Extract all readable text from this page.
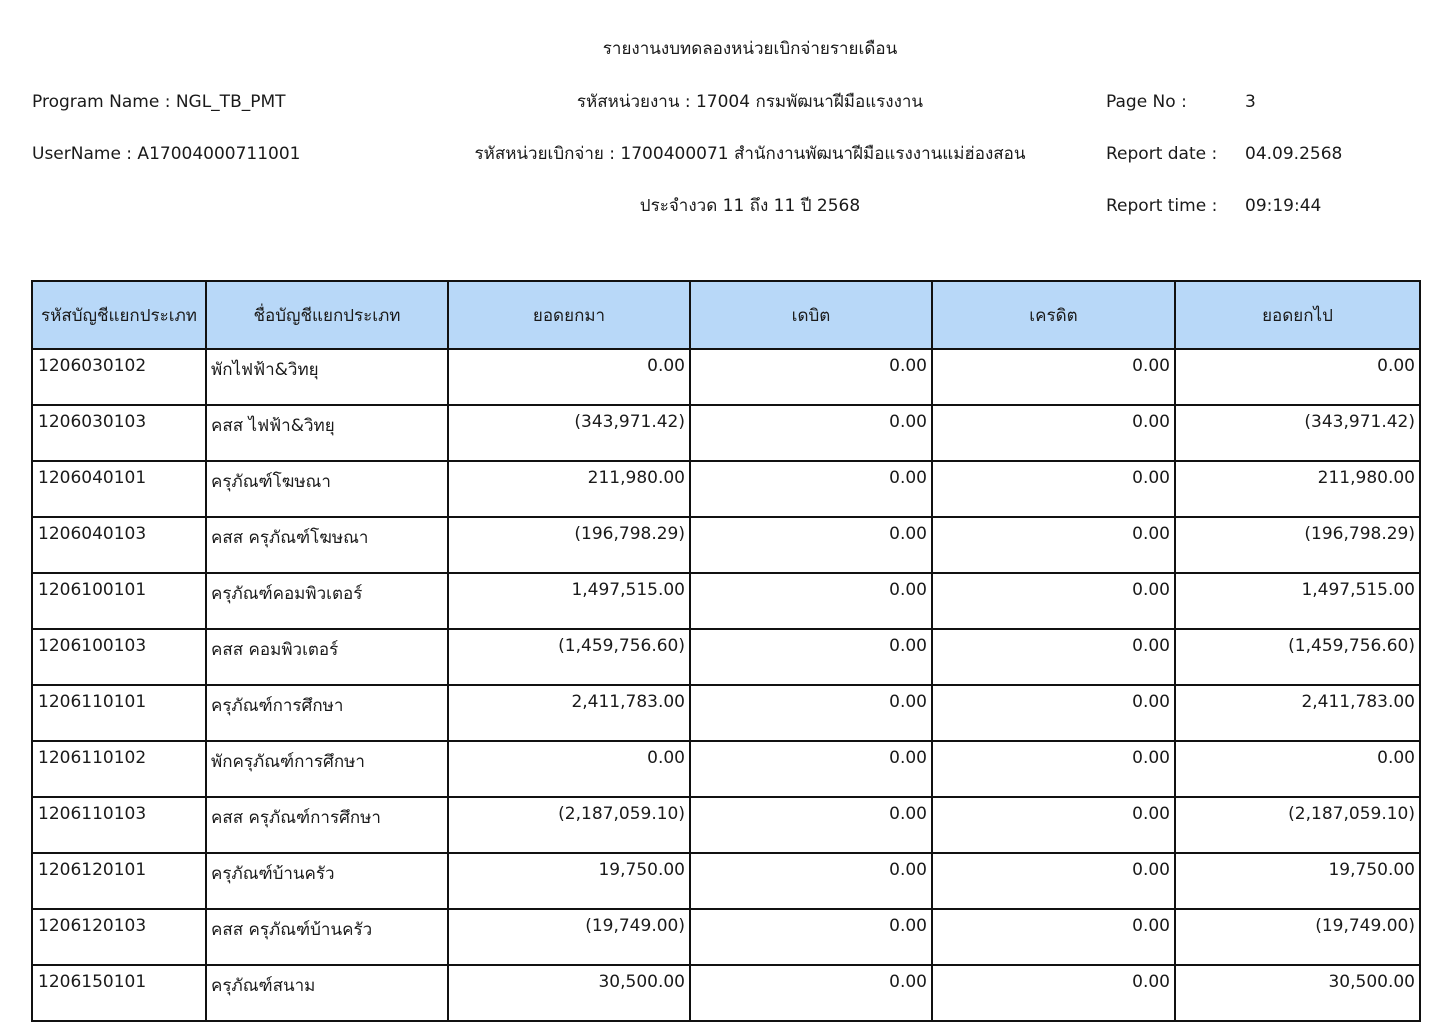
รายงานงบทดลองหน่วยเบิกจ่ายรายเดือน
Program Name : NGL_TB_PMT	รหัสหน่วยงาน : 17004 กรมพัฒนาฝีมือแรงงาน	Page No :	3
UserName : A17004000711001	รหัสหน่วยเบิกจ่าย : 1700400071 สำนักงานพัฒนาฝีมือแรงงานแม่ฮ่องสอน	Report date : 04.09.2568
ประจำงวด 11 ถึง 11 ปี 2568	Report time : 09:19:44
รหัสบัญชีแยกประเภท	ชื่อบัญชีแยกประเภท	ยอดยกมา	เดบิต	เครดิต	ยอดยกไป
1206030102	พักไฟฟ้า&วิทยุ	0.00	0.00	0.00	0.00
1206030103	คสส ไฟฟ้า&วิทยุ	(343,971.42)	0.00	0.00	(343,971.42)
1206040101	ครุภัณฑ์โฆษณา	211,980.00	0.00	0.00	211,980.00
1206040103	คสส ครุภัณฑ์โฆษณา	(196,798.29)	0.00	0.00	(196,798.29)
1206100101	ครุภัณฑ์คอมพิวเตอร์	1,497,515.00	0.00	0.00	1,497,515.00
1206100103	คสส คอมพิวเตอร์	(1,459,756.60)	0.00	0.00	(1,459,756.60)
1206110101	ครุภัณฑ์การศึกษา	2,411,783.00	0.00	0.00	2,411,783.00
1206110102	พักครุภัณฑ์การศึกษา	0.00	0.00	0.00	0.00
1206110103	คสส ครุภัณฑ์การศึกษา	(2,187,059.10)	0.00	0.00	(2,187,059.10)
1206120101	ครุภัณฑ์บ้านครัว	19,750.00	0.00	0.00	19,750.00
1206120103	คสส ครุภัณฑ์บ้านครัว	(19,749.00)	0.00	0.00	(19,749.00)
1206150101	ครุภัณฑ์สนาม	30,500.00	0.00	0.00	30,500.00
